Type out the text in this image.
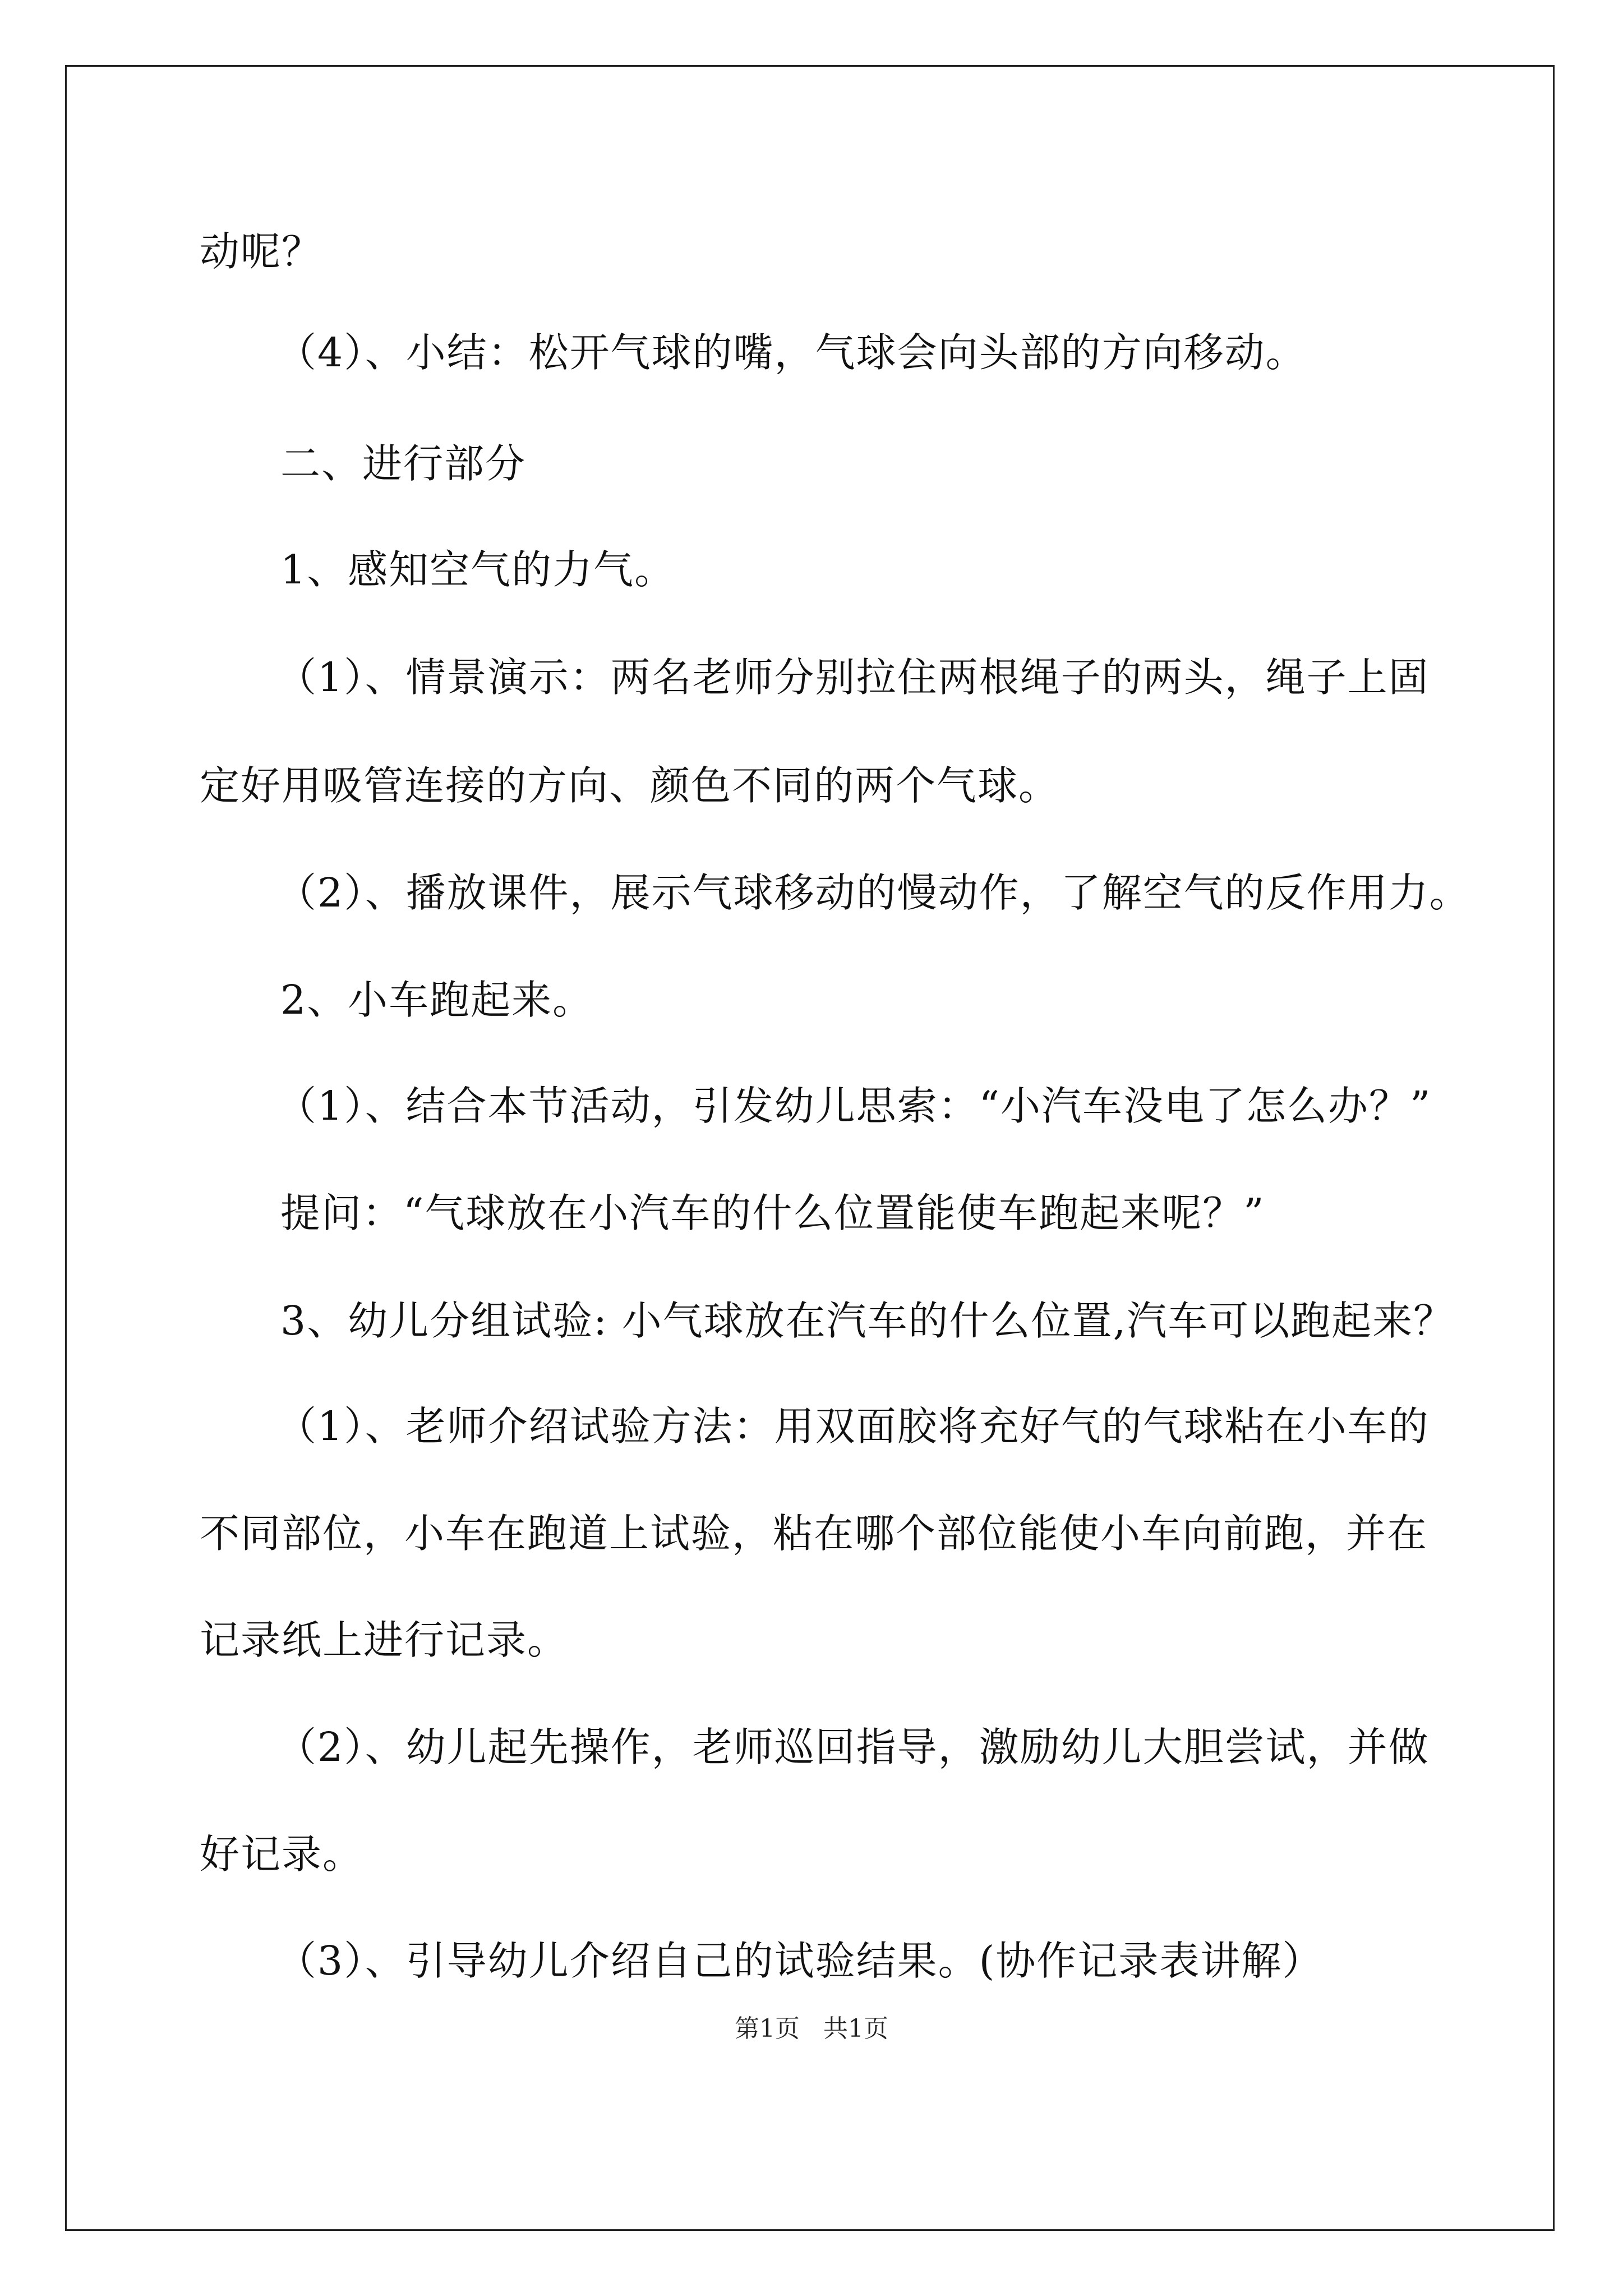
动呢？
（4）、小结：松开气球的嘴，气球会向头部的方向移动。
二、进行部分
1、感知空气的力气。
（1）、情景演示：两名老师分别拉住两根绳子的两头，绳子上固
定好用吸管连接的方向、颜色不同的两个气球。
（2）、播放课件，展示气球移动的慢动作，了解空气的反作用力。
2、小车跑起来。
（1）、结合本节活动，引发幼儿思索：“小汽车没电了怎么办？”
提问：“气球放在小汽车的什么位置能使车跑起来呢？”
3、幼儿分组试验: 小气球放在汽车的什么位置,汽车可以跑起来？
（1）、老师介绍试验方法：用双面胶将充好气的气球粘在小车的
不同部位，小车在跑道上试验，粘在哪个部位能使小车向前跑，并在
记录纸上进行记录。
（2）、幼儿起先操作，老师巡回指导，激励幼儿大胆尝试，并做
好记录。
（3）、引导幼儿介绍自己的试验结果。(协作记录表讲解）
第1页   共1页
